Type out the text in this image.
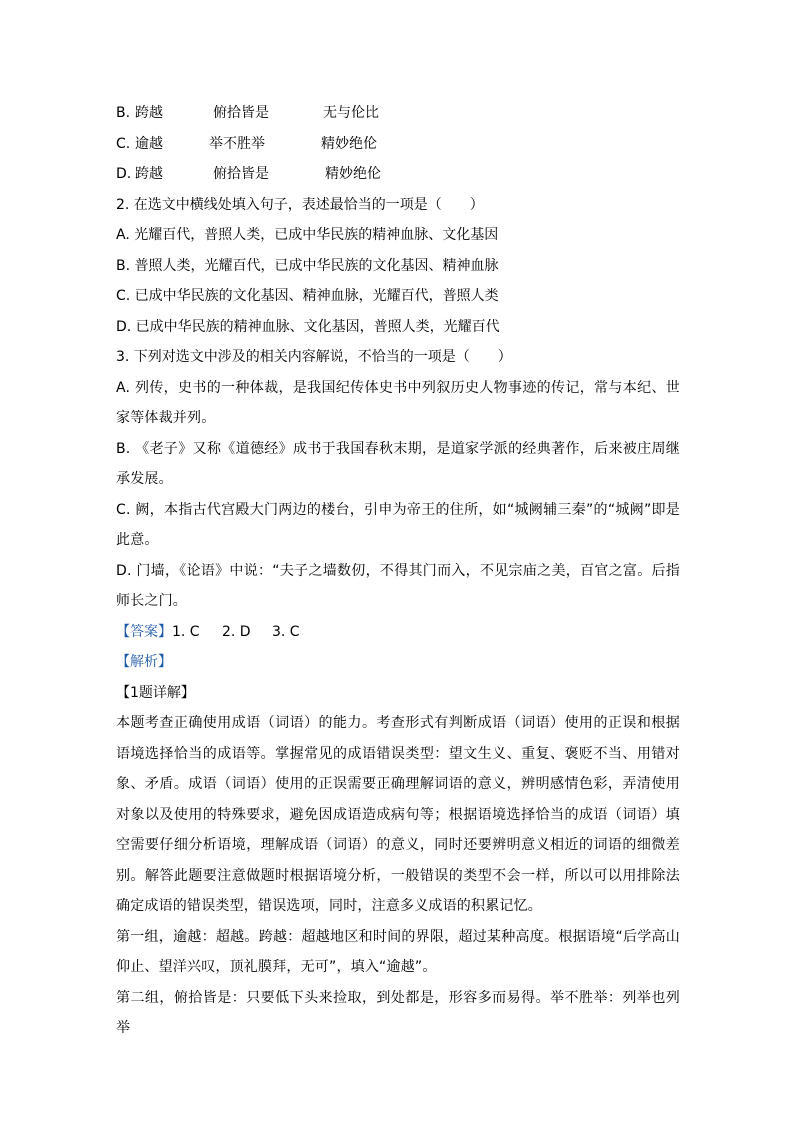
B. 跨越	俯拾皆是	无与伦比
C. 逾越	举不胜举	精妙绝伦
D. 跨越	俯拾皆是	精妙绝伦
2. 在选文中横线处填入句子，表述最恰当的一项是（　　）
A. 光耀百代，普照人类，已成中华民族的精神血脉、文化基因
B. 普照人类，光耀百代，已成中华民族的文化基因、精神血脉
C. 已成中华民族的文化基因、精神血脉，光耀百代，普照人类
D. 已成中华民族的精神血脉、文化基因，普照人类，光耀百代
3. 下列对选文中涉及的相关内容解说，不恰当的一项是（　　）
A. 列传，史书的一种体裁，是我国纪传体史书中列叙历史人物事迹的传记，常与本纪、世家等体裁并列。
B. 《老子》又称《道德经》成书于我国春秋末期，是道家学派的经典著作，后来被庄周继承发展。
C. 阙，本指古代宫殿大门两边的楼台，引申为帝王的住所，如“城阙辅三秦”的“城阙”即是此意。
D. 门墙，《论语》中说：“夫子之墙数仞，不得其门而入，不见宗庙之美，百官之富。后指师长之门。
【答案】1. C 2. D 3. C
【解析】
【1题详解】
本题考查正确使用成语（词语）的能力。考查形式有判断成语（词语）使用的正误和根据语境选择恰当的成语等。掌握常见的成语错误类型：望文生义、重复、褒贬不当、用错对象、矛盾。成语（词语）使用的正误需要正确理解词语的意义，辨明感情色彩，弄清使用对象以及使用的特殊要求，避免因成语造成病句等；根据语境选择恰当的成语（词语）填空需要仔细分析语境，理解成语（词语）的意义，同时还要辨明意义相近的词语的细微差别。解答此题要注意做题时根据语境分析，一般错误的类型不会一样，所以可以用排除法确定成语的错误类型，错误选项，同时，注意多义成语的积累记忆。
第一组，逾越：超越。跨越：超越地区和时间的界限，超过某种高度。根据语境“后学高山仰止、望洋兴叹，顶礼膜拜，无可”，填入“逾越”。
第二组，俯拾皆是：只要低下头来捡取，到处都是，形容多而易得。举不胜举：列举也列举
